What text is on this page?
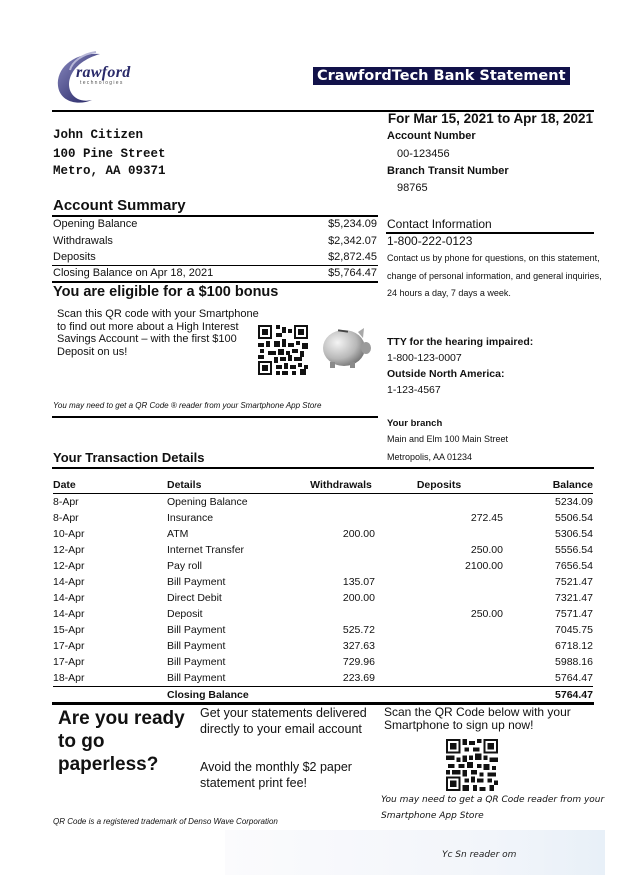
rawford
technologies	CrawfordTech Bank Statement
For Mar 15, 2021 to Apr 18, 2021
John Citizen
100 Pine Street
Metro, AA 09371
Account Number
00-123456
Branch Transit Number
98765
Account Summary
Opening Balance	$5,234.09
Withdrawals	$2,342.07
Deposits	$2,872.45
Closing Balance on Apr 18, 2021	$5,764.47
You are eligible for a $100 bonus
Scan this QR code with your Smartphone to find out more about a High Interest Savings Account – with the first $100 Deposit on us!
You may need to get a QR Code ® reader from your Smartphone App Store
Contact Information
1-800-222-0123
Contact us by phone for questions, on this statement, change of personal information, and general inquiries, 24 hours a day, 7 days a week.
TTY for the hearing impaired:
1-800-123-0007
Outside North America:
1-123-4567
Your branch
Main and Elm 100 Main Street
Metropolis, AA 01234
Your Transaction Details
Date	Details	Withdrawals	Deposits	Balance
8-Apr	Opening Balance			5234.09
8-Apr	Insurance		272.45	5506.54
10-Apr	ATM	200.00		5306.54
12-Apr	Internet Transfer		250.00	5556.54
12-Apr	Pay roll		2100.00	7656.54
14-Apr	Bill Payment	135.07		7521.47
14-Apr	Direct Debit	200.00		7321.47
14-Apr	Deposit		250.00	7571.47
15-Apr	Bill Payment	525.72		7045.75
17-Apr	Bill Payment	327.63		6718.12
17-Apr	Bill Payment	729.96		5988.16
18-Apr	Bill Payment	223.69		5764.47
	Closing Balance			5764.47
Are you ready to go paperless?
Get your statements delivered directly to your email account
Avoid the monthly $2 paper statement print fee!
QR Code is a registered trademark of Denso Wave Corporation
Scan the QR Code below with your Smartphone to sign up now!
You may need to get a QR Code reader from your Smartphone App Store
Yc Sn reader om
